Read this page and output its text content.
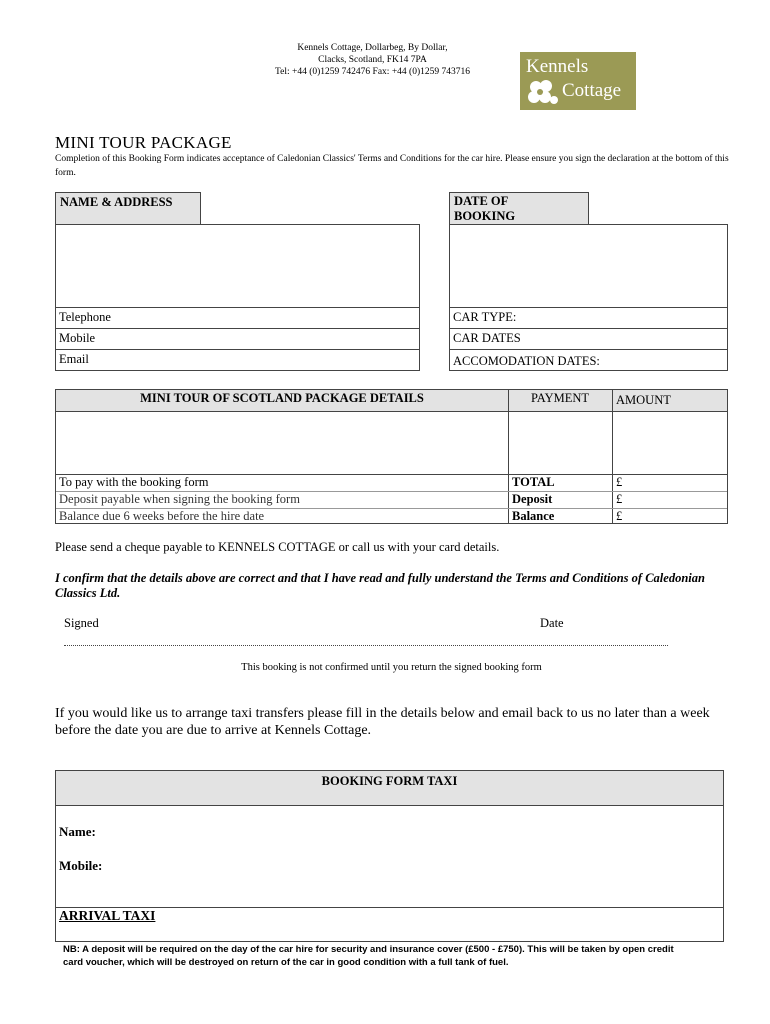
Kennels Cottage, Dollarbeg, By Dollar,
Clacks, Scotland, FK14 7PA
Tel: +44 (0)1259 742476 Fax: +44 (0)1259 743716	Kennels
Cottage
MINI TOUR PACKAGE
Completion of this Booking Form indicates acceptance of Caledonian Classics' Terms and Conditions for the car hire. Please ensure you sign the declaration at the bottom of this form.
NAME & ADDRESS
Telephone
Mobile
Email
DATE OF
BOOKING
CAR TYPE:
CAR DATES
ACCOMODATION DATES:
MINI TOUR OF SCOTLAND PACKAGE DETAILS	PAYMENT	AMOUNT
To pay with the booking form	TOTAL	£
Deposit payable when signing the booking form	Deposit	£
Balance due 6 weeks before the hire date	Balance	£
Please send a cheque payable to KENNELS COTTAGE or call us with your card details.
I confirm that the details above are correct and that I have read and fully understand the Terms and Conditions of Caledonian Classics Ltd.
Signed	Date
This booking is not confirmed until you return the signed booking form
If you would like us to arrange taxi transfers please fill in the details below and email back to us no later than a week before the date you are due to arrive at Kennels Cottage.
BOOKING FORM TAXI
Name:
Mobile:
ARRIVAL TAXI
NB: A deposit will be required on the day of the car hire for security and insurance cover (£500 - £750). This will be taken by open credit card voucher, which will be destroyed on return of the car in good condition with a full tank of fuel.
